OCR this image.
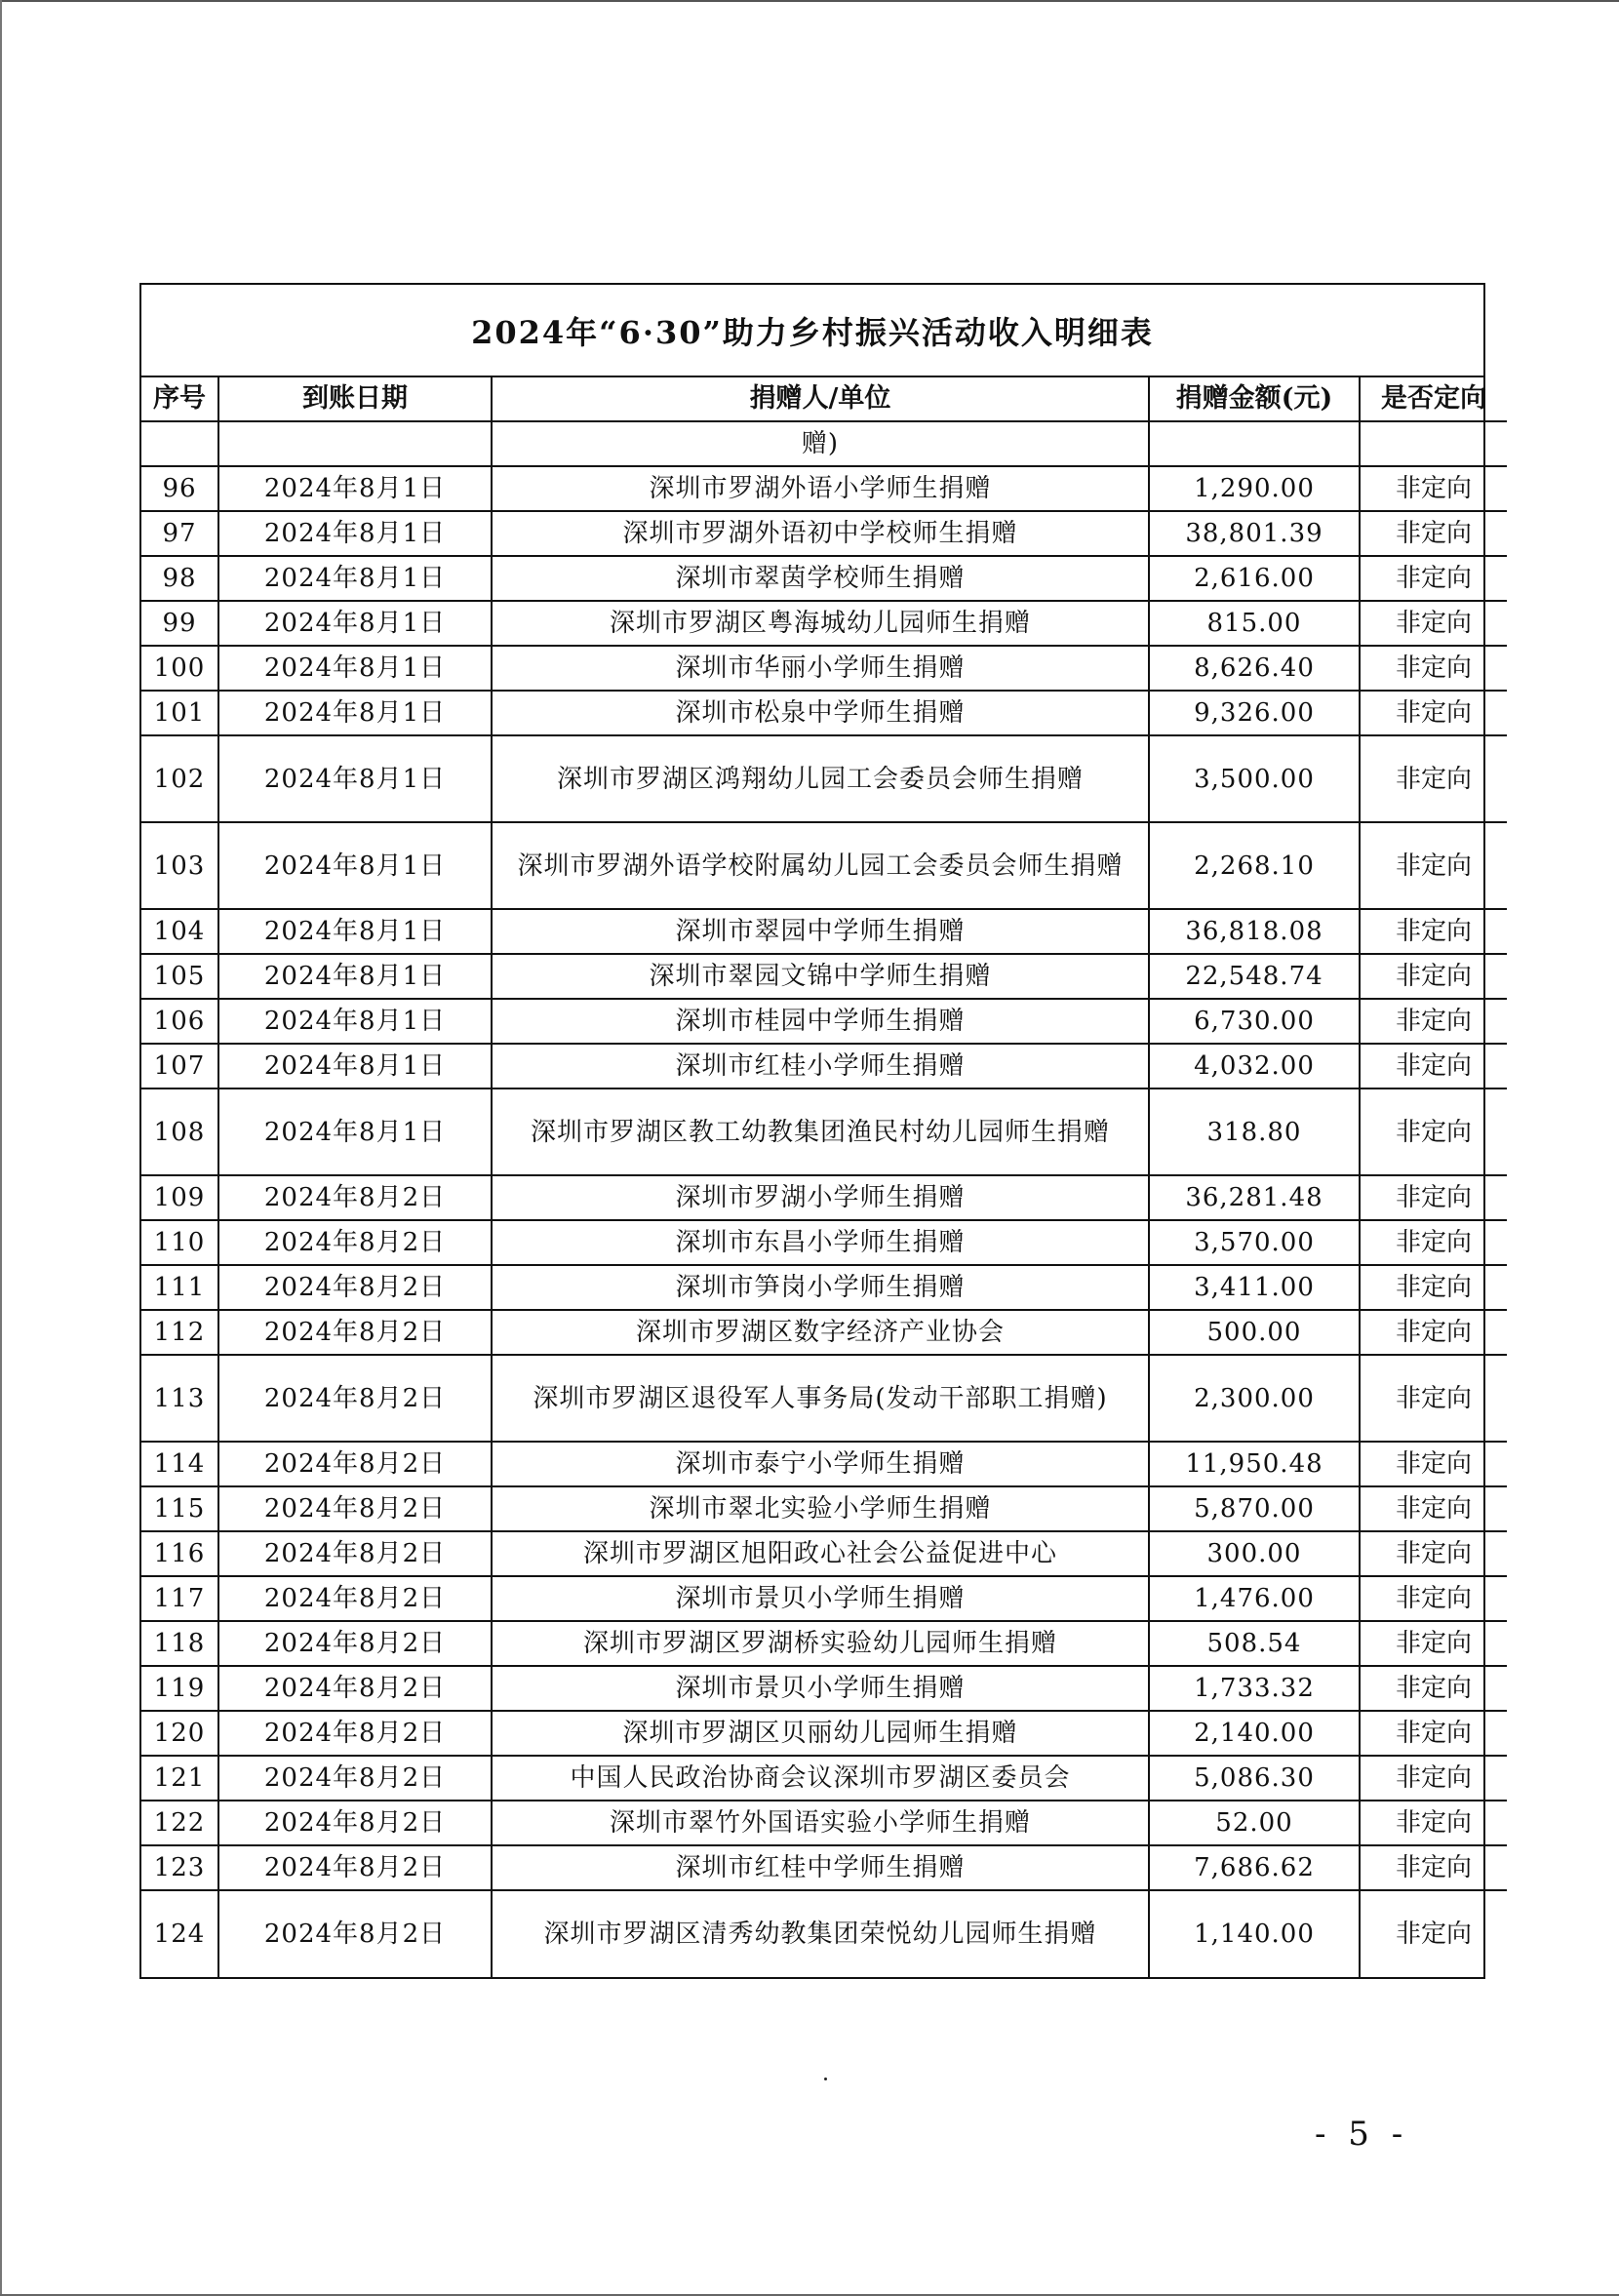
2024年“6·30”助力乡村振兴活动收入明细表
序号	到账日期	捐赠人/单位	捐赠金额(元)	是否定向
		赠)		
96	2024年8月1日	深圳市罗湖外语小学师生捐赠	1,290.00	非定向
97	2024年8月1日	深圳市罗湖外语初中学校师生捐赠	38,801.39	非定向
98	2024年8月1日	深圳市翠茵学校师生捐赠	2,616.00	非定向
99	2024年8月1日	深圳市罗湖区粤海城幼儿园师生捐赠	815.00	非定向
100	2024年8月1日	深圳市华丽小学师生捐赠	8,626.40	非定向
101	2024年8月1日	深圳市松泉中学师生捐赠	9,326.00	非定向
102	2024年8月1日	深圳市罗湖区鸿翔幼儿园工会委员会师生捐赠	3,500.00	非定向
103	2024年8月1日	深圳市罗湖外语学校附属幼儿园工会委员会师生捐赠	2,268.10	非定向
104	2024年8月1日	深圳市翠园中学师生捐赠	36,818.08	非定向
105	2024年8月1日	深圳市翠园文锦中学师生捐赠	22,548.74	非定向
106	2024年8月1日	深圳市桂园中学师生捐赠	6,730.00	非定向
107	2024年8月1日	深圳市红桂小学师生捐赠	4,032.00	非定向
108	2024年8月1日	深圳市罗湖区教工幼教集团渔民村幼儿园师生捐赠	318.80	非定向
109	2024年8月2日	深圳市罗湖小学师生捐赠	36,281.48	非定向
110	2024年8月2日	深圳市东昌小学师生捐赠	3,570.00	非定向
111	2024年8月2日	深圳市笋岗小学师生捐赠	3,411.00	非定向
112	2024年8月2日	深圳市罗湖区数字经济产业协会	500.00	非定向
113	2024年8月2日	深圳市罗湖区退役军人事务局(发动干部职工捐赠)	2,300.00	非定向
114	2024年8月2日	深圳市泰宁小学师生捐赠	11,950.48	非定向
115	2024年8月2日	深圳市翠北实验小学师生捐赠	5,870.00	非定向
116	2024年8月2日	深圳市罗湖区旭阳政心社会公益促进中心	300.00	非定向
117	2024年8月2日	深圳市景贝小学师生捐赠	1,476.00	非定向
118	2024年8月2日	深圳市罗湖区罗湖桥实验幼儿园师生捐赠	508.54	非定向
119	2024年8月2日	深圳市景贝小学师生捐赠	1,733.32	非定向
120	2024年8月2日	深圳市罗湖区贝丽幼儿园师生捐赠	2,140.00	非定向
121	2024年8月2日	中国人民政治协商会议深圳市罗湖区委员会	5,086.30	非定向
122	2024年8月2日	深圳市翠竹外国语实验小学师生捐赠	52.00	非定向
123	2024年8月2日	深圳市红桂中学师生捐赠	7,686.62	非定向
124	2024年8月2日	深圳市罗湖区清秀幼教集团荣悦幼儿园师生捐赠	1,140.00	非定向
- 5 -
